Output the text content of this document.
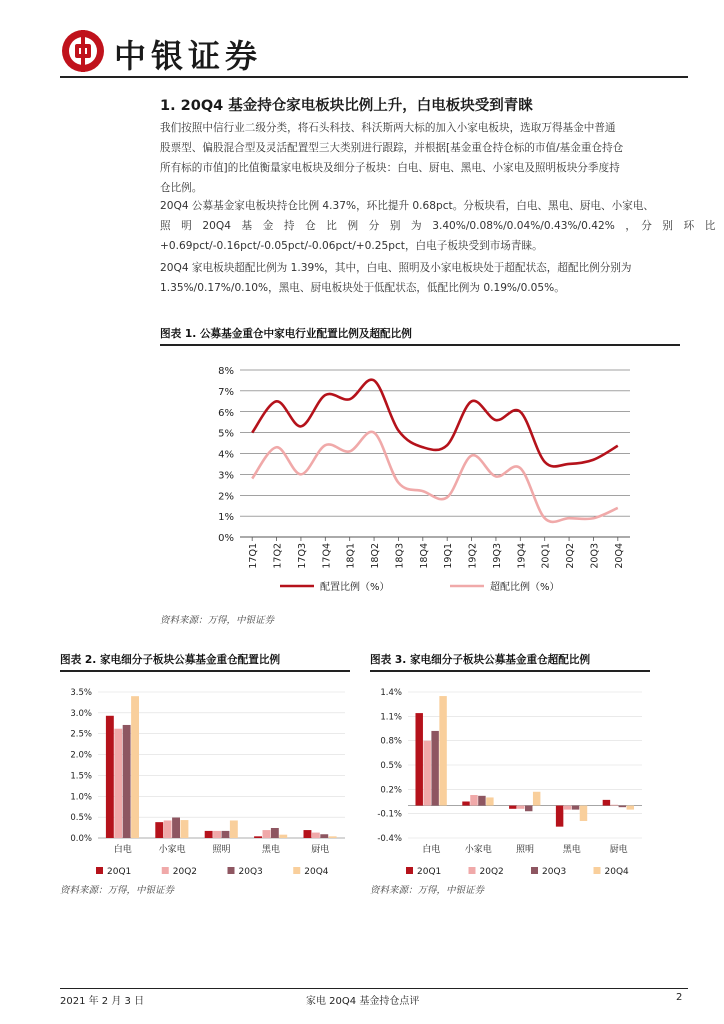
中银证券
1. 20Q4 基金持仓家电板块比例上升，白电板块受到青睐
我们按照中信行业二级分类，将石头科技、科沃斯两大标的加入小家电板块，选取万得基金中普通
股票型、偏股混合型及灵活配置型三大类别进行跟踪，并根据[基金重仓持仓标的市值/基金重仓持仓
所有标的市值]的比值衡量家电板块及细分子板块：白电、厨电、黑电、小家电及照明板块分季度持
仓比例。
20Q4 公募基金家电板块持仓比例 4.37%，环比提升 0.68pct。分板块看，白电、黑电、厨电、小家电、
照　明　20Q4　基　金　持　仓　比　例　分　别　为　3.40%/0.08%/0.04%/0.43%/0.42%　，　分　别　环　比
+0.69pct/-0.16pct/-0.05pct/-0.06pct/+0.25pct，白电子板块受到市场青睐。
20Q4 家电板块超配比例为 1.39%，其中，白电、照明及小家电板块处于超配状态，超配比例分别为
1.35%/0.17%/0.10%，黑电、厨电板块处于低配状态，低配比例为 0.19%/0.05%。
图表 1. 公募基金重仓中家电行业配置比例及超配比例
0%
1%
2%
3%
4%
5%
6%
7%
8%
17Q1 17Q2 17Q3 17Q4 18Q1 18Q2 18Q3 18Q4 19Q1 19Q2 19Q3 19Q4 20Q1 20Q2 20Q3 20Q4
配置比例（%）	超配比例（%）
资料来源：万得，中银证券
图表 2. 家电细分子板块公募基金重仓配置比例
0.0%
0.5%
1.0%
1.5%
2.0%
2.5%
3.0%
3.5%
白电	小家电	照明	黑电	厨电
20Q1	20Q2	20Q3	20Q4
资料来源：万得，中银证券
图表 3. 家电细分子板块公募基金重仓超配比例
-0.4%
-0.1%
0.2%
0.5%
0.8%
1.1%
1.4%
白电	小家电	照明	黑电	厨电
20Q1	20Q2	20Q3	20Q4
资料来源：万得，中银证券
2021 年 2 月 3 日	家电 20Q4 基金持仓点评	2
